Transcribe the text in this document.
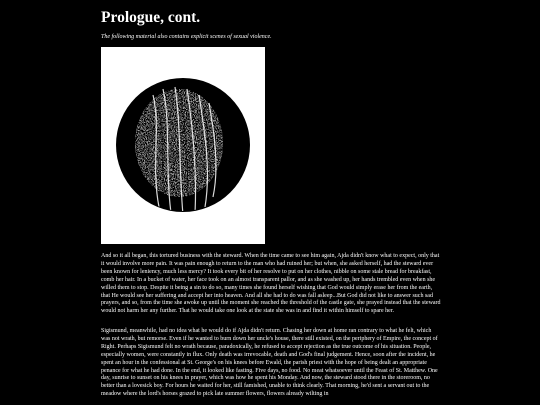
Prologue, cont.
The following material also contains explicit scenes of sexual violence.

And so it all began, this tortured business with the steward. When the time came to see him again, Ajda didn't know what to expect, only that it would involve more pain. It was pain enough to return to the man who had ruined her; but when, she asked herself, had the steward ever been known for leniency, much less mercy? It took every bit of her resolve to put on her clothes, nibble on some stale bread for breakfast, comb her hair. In a bucket of water, her face took on an almost transparent pallor, and as she washed up, her hands trembled even when she willed them to stop. Despite it being a sin to do so, many times she found herself wishing that God would simply erase her from the earth, that He would see her suffering and accept her into heaven. And all she had to do was fall asleep...But God did not like to answer such sad prayers, and so, from the time she awoke up until the moment she reached the threshold of the castle gate, she prayed instead that the steward would not harm her any further. That he would take one look at the state she was in and find it within himself to spare her.

Sigismund, meanwhile, had no idea what he would do if Ajda didn't return. Chasing her down at home ran contrary to what he felt, which was not wrath, but remorse. Even if he wanted to burn down her uncle's house, there still existed, on the periphery of Empire, the concept of Right. Perhaps Sigismund felt no wrath because, paradoxically, he refused to accept rejection as the true outcome of his situation. People, especially women, were constantly in flux. Only death was irrevocable, death and God's final judgement. Hence, soon after the incident, he spent an hour in the confessional at St. George's on his knees before Ewald, the parish priest with the hope of being dealt an appropriate penance for what he had done. In the end, it looked like fasting. Five days, no food. No meat whatsoever until the Feast of St. Matthew. One day, sunrise to sunset on his knees in prayer, which was how he spent his Monday. And now, the steward stood there in the storeroom, no better than a lovesick boy. For hours he waited for her, still famished, unable to think clearly. That morning, he'd sent a servant out to the meadow where the lord's horses grazed to pick late summer flowers, flowers already wilting in
